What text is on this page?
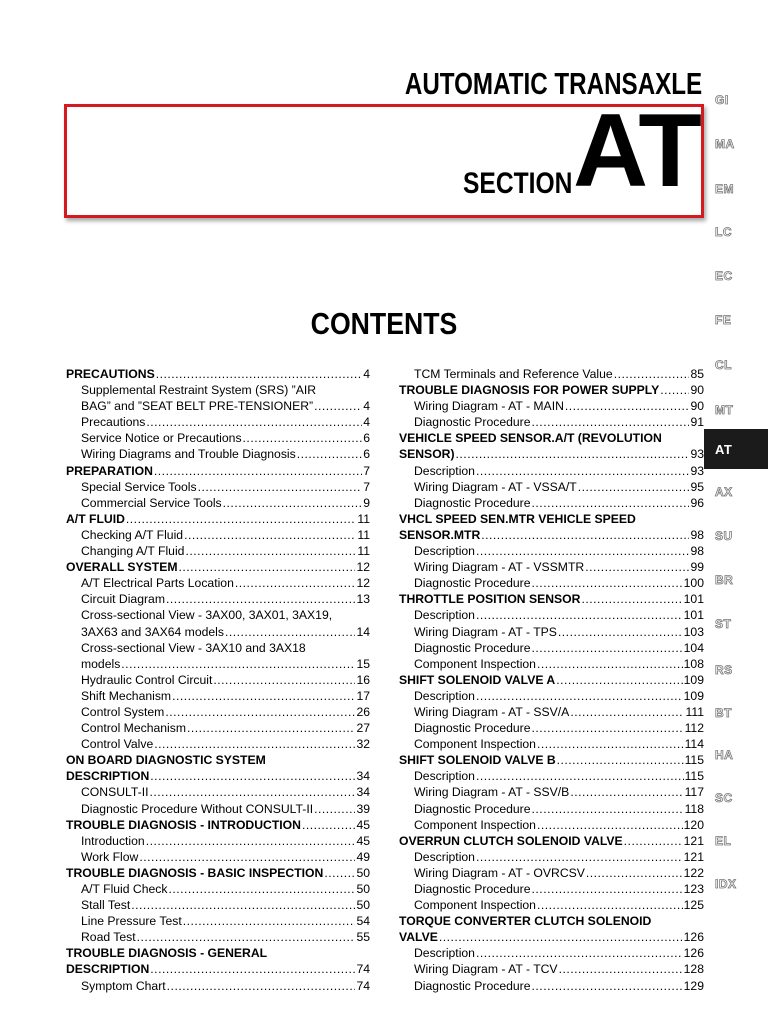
AUTOMATIC TRANSAXLE
SECTION AT
CONTENTS
GI
MA
EM
LC
EC
FE
CL
MT
AT
AX
SU
BR
ST
RS
BT
HA
SC
EL
IDX
PRECAUTIONS .....	4
Supplemental Restraint System (SRS) ”AIR
BAG” and ”SEAT BELT PRE-TENSIONER” .....	4
Precautions .....	4
Service Notice or Precautions .....	6
Wiring Diagrams and Trouble Diagnosis .....	6
PREPARATION .....	7
Special Service Tools .....	7
Commercial Service Tools .....	9
A/T FLUID .....	11
Checking A/T Fluid .....	11
Changing A/T Fluid .....	11
OVERALL SYSTEM .....	12
A/T Electrical Parts Location .....	12
Circuit Diagram .....	13
Cross-sectional View - 3AX00, 3AX01, 3AX19,
3AX63 and 3AX64 models .....	14
Cross-sectional View - 3AX10 and 3AX18
models .....	15
Hydraulic Control Circuit .....	16
Shift Mechanism .....	17
Control System .....	26
Control Mechanism .....	27
Control Valve .....	32
ON BOARD DIAGNOSTIC SYSTEM
DESCRIPTION .....	34
CONSULT-II .....	34
Diagnostic Procedure Without CONSULT-II .....	39
TROUBLE DIAGNOSIS - INTRODUCTION .....	45
Introduction .....	45
Work Flow .....	49
TROUBLE DIAGNOSIS - BASIC INSPECTION .....	50
A/T Fluid Check .....	50
Stall Test .....	50
Line Pressure Test .....	54
Road Test .....	55
TROUBLE DIAGNOSIS - GENERAL
DESCRIPTION .....	74
Symptom Chart .....	74
TCM Terminals and Reference Value .....	85
TROUBLE DIAGNOSIS FOR POWER SUPPLY .....	90
Wiring Diagram - AT - MAIN .....	90
Diagnostic Procedure .....	91
VEHICLE SPEED SENSOR.A/T (REVOLUTION
SENSOR) .....	93
Description .....	93
Wiring Diagram - AT - VSSA/T .....	95
Diagnostic Procedure .....	96
VHCL SPEED SEN.MTR VEHICLE SPEED
SENSOR.MTR .....	98
Description .....	98
Wiring Diagram - AT - VSSMTR .....	99
Diagnostic Procedure .....	100
THROTTLE POSITION SENSOR .....	101
Description .....	101
Wiring Diagram - AT - TPS .....	103
Diagnostic Procedure .....	104
Component Inspection .....	108
SHIFT SOLENOID VALVE A .....	109
Description .....	109
Wiring Diagram - AT - SSV/A .....	111
Diagnostic Procedure .....	112
Component Inspection .....	114
SHIFT SOLENOID VALVE B .....	115
Description .....	115
Wiring Diagram - AT - SSV/B .....	117
Diagnostic Procedure .....	118
Component Inspection .....	120
OVERRUN CLUTCH SOLENOID VALVE .....	121
Description .....	121
Wiring Diagram - AT - OVRCSV .....	122
Diagnostic Procedure .....	123
Component Inspection .....	125
TORQUE CONVERTER CLUTCH SOLENOID
VALVE .....	126
Description .....	126
Wiring Diagram - AT - TCV .....	128
Diagnostic Procedure .....	129
